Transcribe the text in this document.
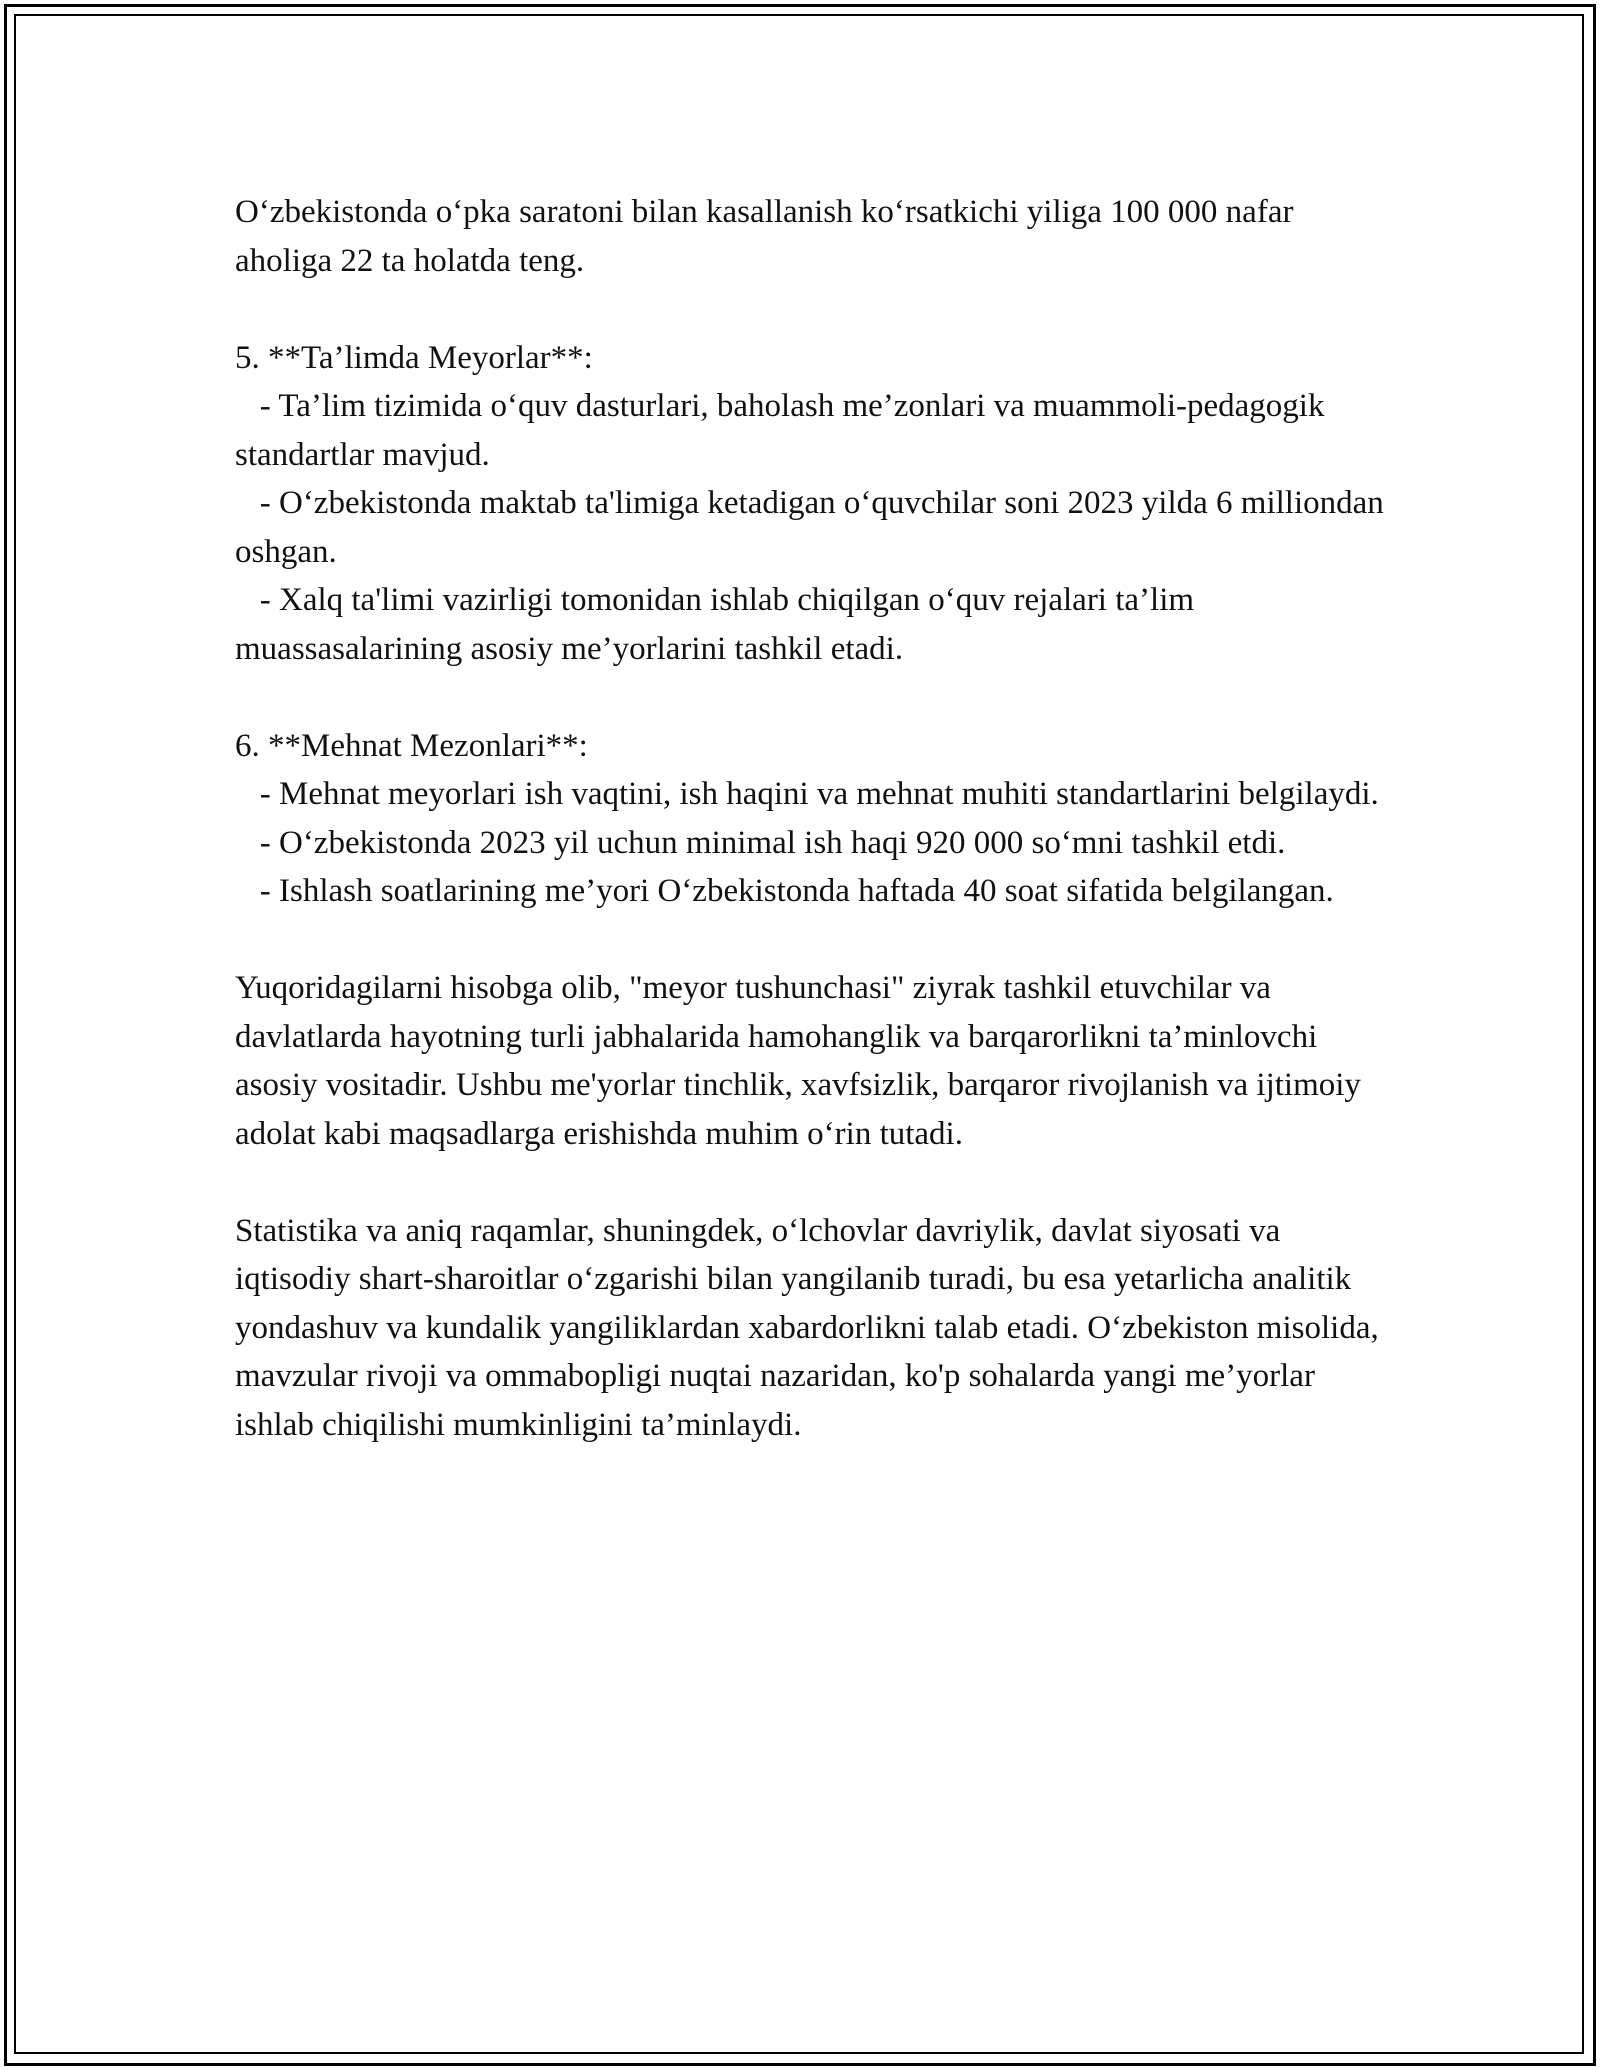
O‘zbekistonda o‘pka saratoni bilan kasallanish ko‘rsatkichi yiliga 100 000 nafar aholiga 22 ta holatda teng.

5. **Ta’limda Meyorlar**:

- Ta’lim tizimida o‘quv dasturlari, baholash me’zonlari va muammoli-pedagogik standartlar mavjud.

- O‘zbekistonda maktab ta'limiga ketadigan o‘quvchilar soni 2023 yilda 6 milliondan oshgan.

- Xalq ta'limi vazirligi tomonidan ishlab chiqilgan o‘quv rejalari ta’lim muassasalarining asosiy me’yorlarini tashkil etadi.

6. **Mehnat Mezonlari**:

- Mehnat meyorlari ish vaqtini, ish haqini va mehnat muhiti standartlarini belgilaydi.

- O‘zbekistonda 2023 yil uchun minimal ish haqi 920 000 so‘mni tashkil etdi.

- Ishlash soatlarining me’yori O‘zbekistonda haftada 40 soat sifatida belgilangan.

Yuqoridagilarni hisobga olib, "meyor tushunchasi" ziyrak tashkil etuvchilar va davlatlarda hayotning turli jabhalarida hamohanglik va barqarorlikni ta’minlovchi asosiy vositadir. Ushbu me'yorlar tinchlik, xavfsizlik, barqaror rivojlanish va ijtimoiy adolat kabi maqsadlarga erishishda muhim o‘rin tutadi.

Statistika va aniq raqamlar, shuningdek, o‘lchovlar davriylik, davlat siyosati va iqtisodiy shart-sharoitlar o‘zgarishi bilan yangilanib turadi, bu esa yetarlicha analitik yondashuv va kundalik yangiliklardan xabardorlikni talab etadi. O‘zbekiston misolida, mavzular rivoji va ommabopligi nuqtai nazaridan, ko'p sohalarda yangi me’yorlar ishlab chiqilishi mumkinligini ta’minlaydi.
